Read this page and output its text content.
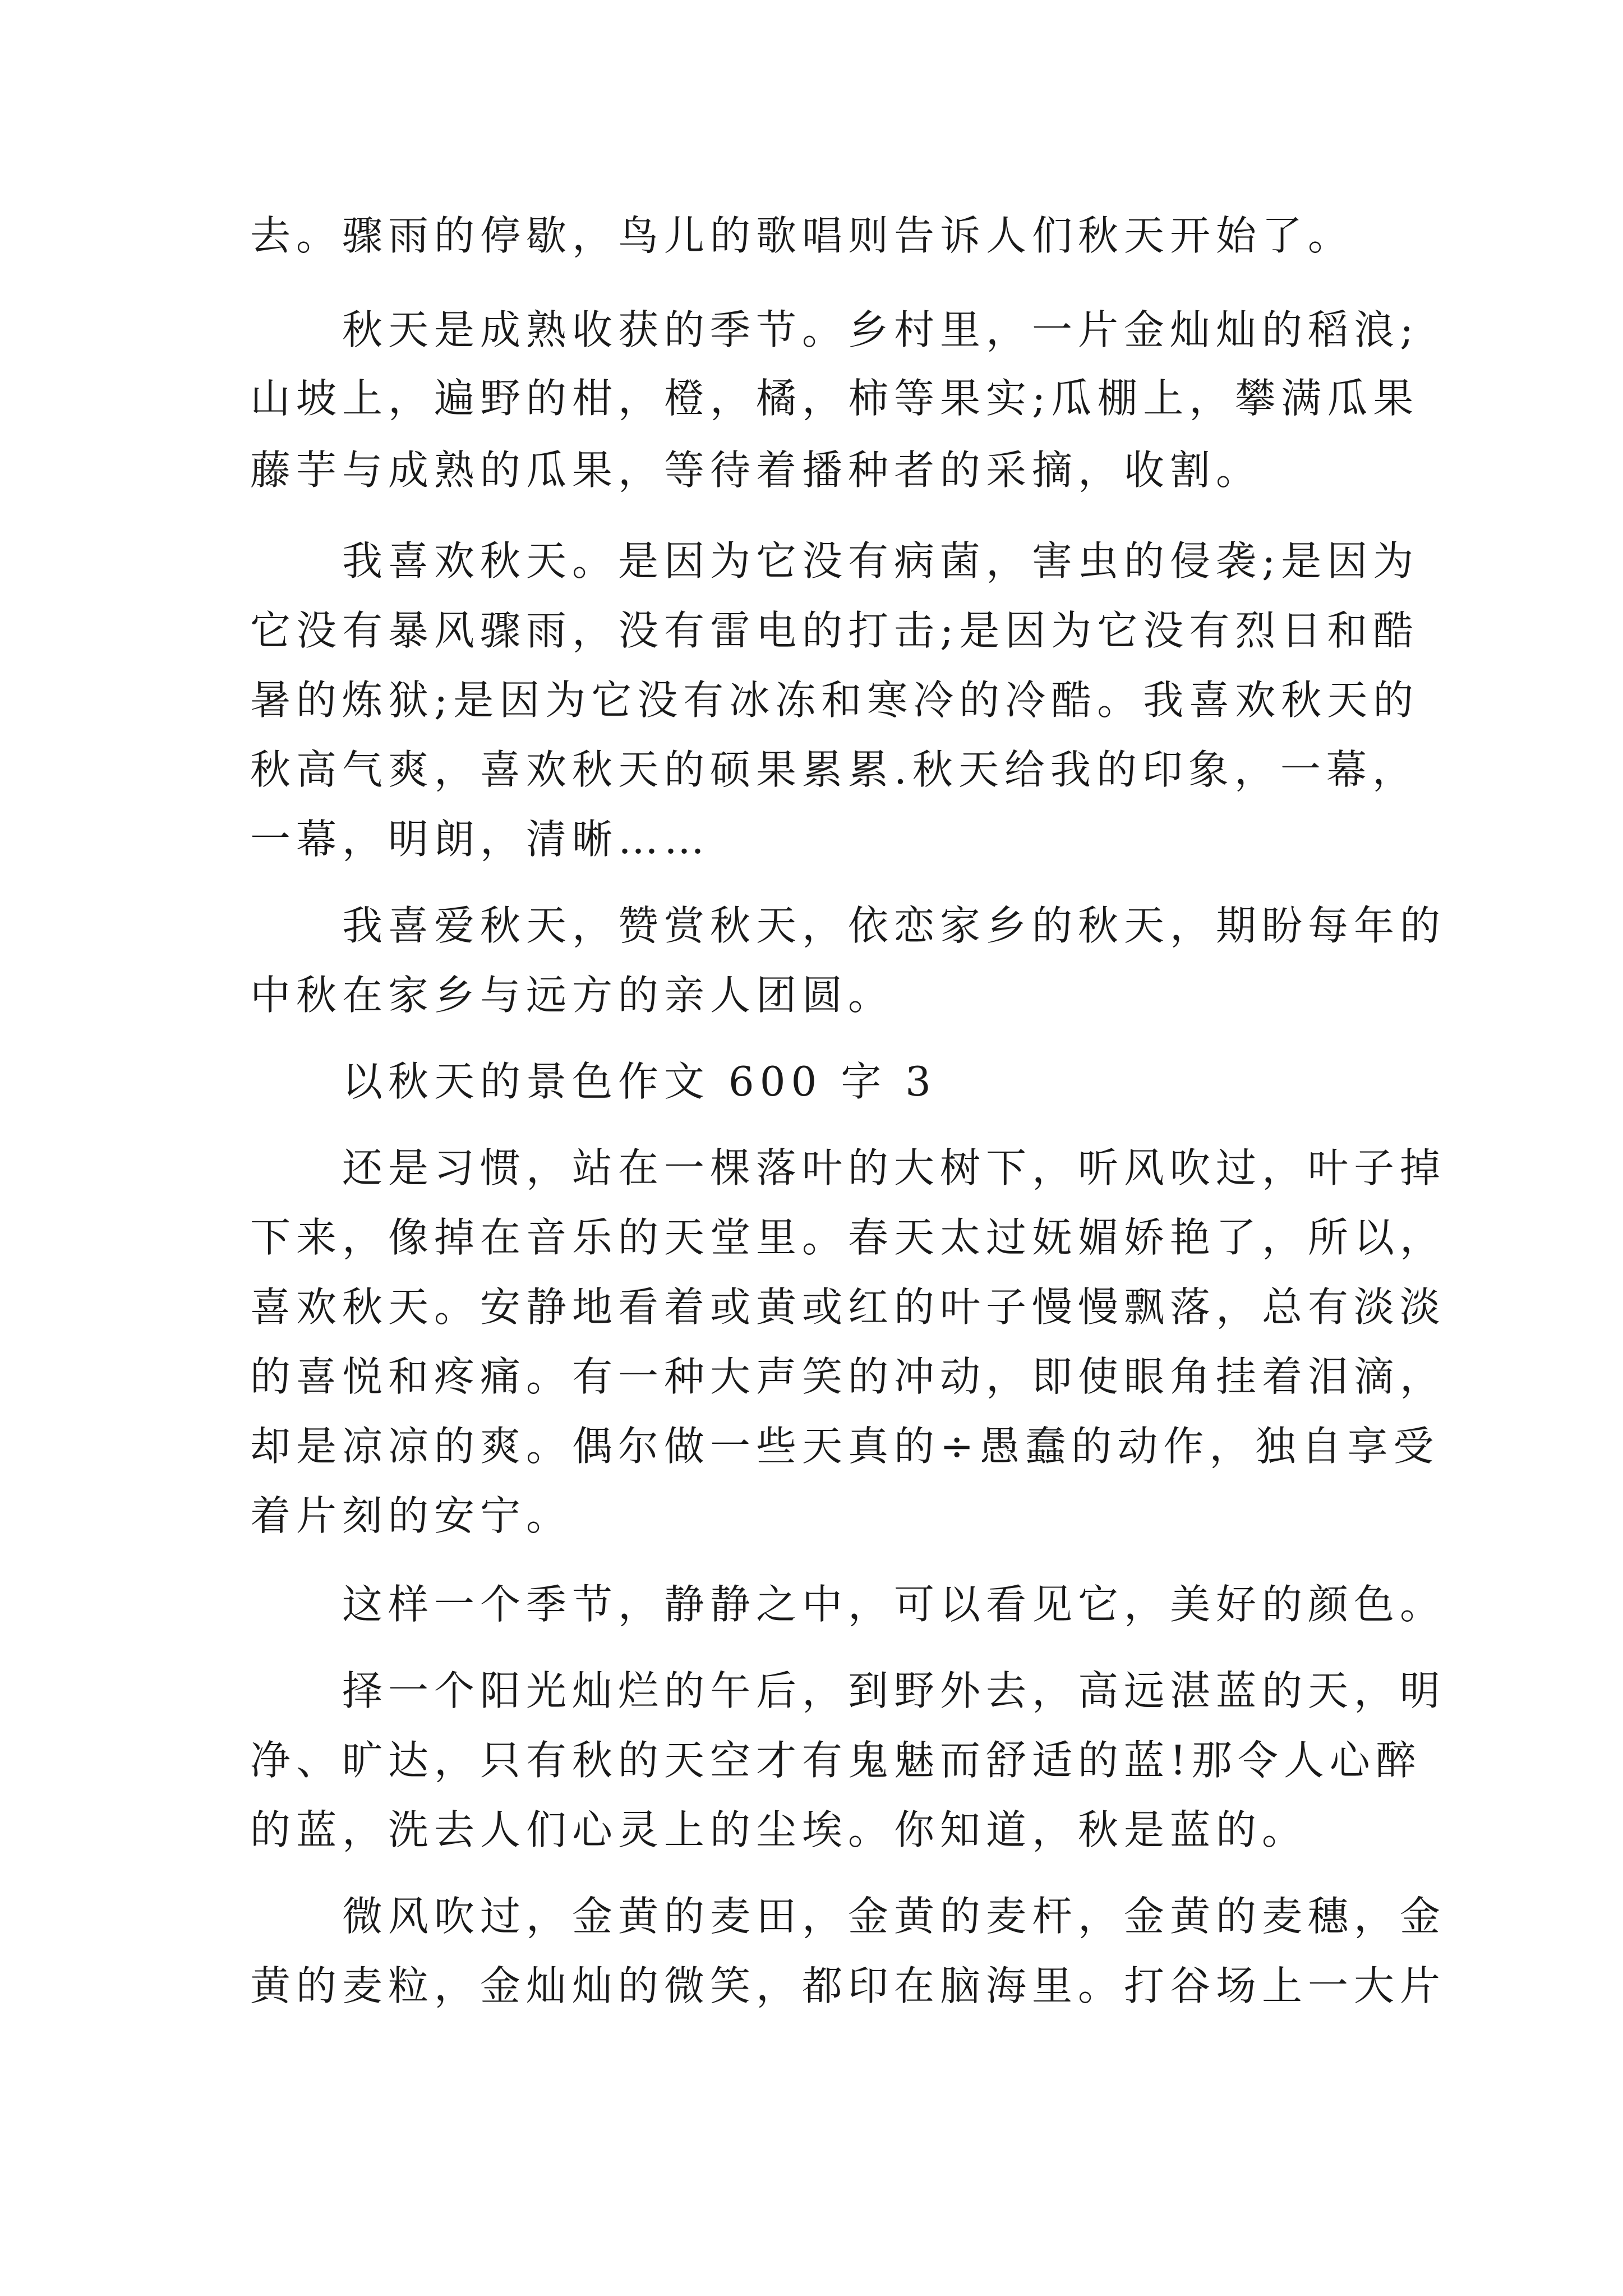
去。骤雨的停歇，鸟儿的歌唱则告诉人们秋天开始了。
秋天是成熟收获的季节。乡村里，一片金灿灿的稻浪;
山坡上，遍野的柑，橙，橘，柿等果实;瓜棚上，攀满瓜果
藤芋与成熟的瓜果，等待着播种者的采摘，收割。
我喜欢秋天。是因为它没有病菌，害虫的侵袭;是因为
它没有暴风骤雨，没有雷电的打击;是因为它没有烈日和酷
暑的炼狱;是因为它没有冰冻和寒冷的冷酷。我喜欢秋天的
秋高气爽，喜欢秋天的硕果累累.秋天给我的印象，一幕，
一幕，明朗，清晰……
我喜爱秋天，赞赏秋天，依恋家乡的秋天，期盼每年的
中秋在家乡与远方的亲人团圆。
以秋天的景色作文 600 字 3
还是习惯，站在一棵落叶的大树下，听风吹过，叶子掉
下来，像掉在音乐的天堂里。春天太过妩媚娇艳了，所以，
喜欢秋天。安静地看着或黄或红的叶子慢慢飘落，总有淡淡
的喜悦和疼痛。有一种大声笑的冲动，即使眼角挂着泪滴，
却是凉凉的爽。偶尔做一些天真的÷愚蠢的动作，独自享受
着片刻的安宁。
这样一个季节，静静之中，可以看见它，美好的颜色。
择一个阳光灿烂的午后，到野外去，高远湛蓝的天，明
净、旷达，只有秋的天空才有鬼魅而舒适的蓝!那令人心醉
的蓝，洗去人们心灵上的尘埃。你知道，秋是蓝的。
微风吹过，金黄的麦田，金黄的麦杆，金黄的麦穗，金
黄的麦粒，金灿灿的微笑，都印在脑海里。打谷场上一大片
